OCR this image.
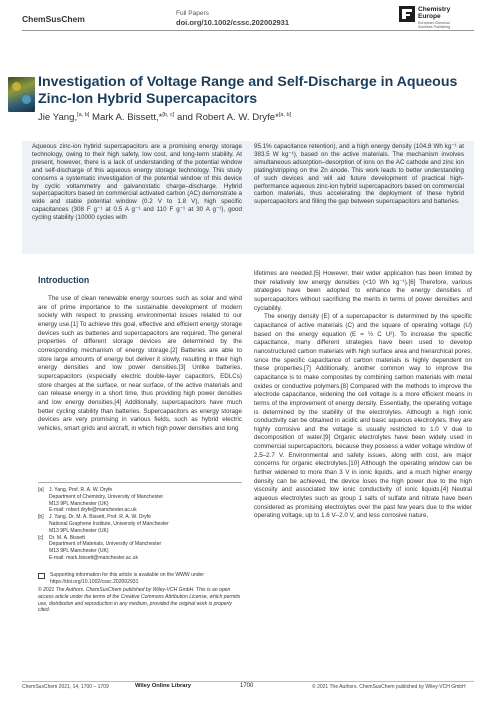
ChemSusChem
Full Papers
doi.org/10.1002/cssc.202002931
Chemistry
Europe
European Chemical
Societies Publishing
Investigation of Voltage Range and Self-Discharge in Aqueous Zinc-Ion Hybrid Supercapacitors
Jie Yang,[a, b] Mark A. Bissett,*[b, c] and Robert A. W. Dryfe*[a, b]

Aqueous zinc-ion hybrid supercapacitors are a promising energy storage technology, owing to their high safety, low cost, and long-term stability. At present, however, there is a lack of understanding of the potential window and self-discharge of this aqueous energy storage technology. This study concerns a systematic investigation of the potential window of this device by cyclic voltammetry and galvanostatic charge–discharge. Hybrid supercapacitors based on commercial activated carbon (AC) demonstrate a wide and stable potential window (0.2 V to 1.8 V), high specific capacitances (308 F g⁻¹ at 0.5 A g⁻¹ and 110 F g⁻¹ at 30 A g⁻¹), good cycling stability (10000 cycles with

95.1% capacitance retention), and a high energy density (104.8 Wh kg⁻¹ at 383.5 W kg⁻¹), based on the active materials. The mechanism involves simultaneous adsorption–desorption of ions on the AC cathode and zinc ion plating/stripping on the Zn anode. This work leads to better understanding of such devices and will aid future development of practical high-performance aqueous zinc-ion hybrid supercapacitors based on commercial carbon materials, thus accelerating the deployment of these hybrid supercapacitors and filling the gap between supercapacitors and batteries.

Introduction

The use of clean renewable energy sources such as solar and wind are of prime importance to the sustainable development of modern society with respect to pressing environmental issues related to our energy use.[1] To achieve this goal, effective and efficient energy storage devices such as batteries and supercapacitors are required. The general properties of different storage devices are determined by the corresponding mechanism of energy storage.[2] Batteries are able to store large amounts of energy but deliver it slowly, resulting in their high energy densities and low power densities.[3] Unlike batteries, supercapacitors (especially electric double-layer capacitors, EDLCs) store charges at the surface, or near surface, of the active materials and can release energy in a short time, thus providing high power densities and low energy densities.[4] Additionally, supercapacitors have much better cycling stability than batteries. Supercapacitors as energy storage devices are very promising in various fields, such as hybrid electric vehicles, smart grids and aircraft, in which high power densities and long

lifetimes are needed.[5] However, their wider application has been limited by their relatively low energy densities (<10 Wh kg⁻¹).[6] Therefore, various strategies have been adopted to enhance the energy densities of supercapacitors without sacrificing the merits in terms of power densities and cyclability.

The energy density (E) of a supercapacitor is determined by the specific capacitance of active materials (C) and the square of operating voltage (U) based on the energy equation (E = ½ C U²). To increase the specific capacitance, many different strategies have been used to develop nanostructured carbon materials with high surface area and hierarchical pores, since the specific capacitance of carbon materials is highly dependent on these properties.[7] Additionally, another common way to improve the capacitance is to make composites by combining carbon materials with metal oxides or conductive polymers.[8] Compared with the methods to improve the electrode capacitance, widening the cell voltage is a more efficient means in terms of the improvement of energy density. Essentially, the operating voltage is determined by the stability of the electrolytes. Although a high ionic conductivity can be obtained in acidic and basic aqueous electrolytes, they are highly corrosive and the voltage is usually restricted to 1.0 V due to decomposition of water.[9] Organic electrolytes have been widely used in commercial supercapacitors, because they possess a wider voltage window of 2.5–2.7 V. Environmental and safety issues, along with cost, are major concerns for organic electrolytes.[10] Although the operating window can be further widened to more than 3 V in ionic liquids, and a much higher energy density can be achieved, the device loses the high power due to the high viscosity and associated low ionic conductivity of ionic liquids.[4] Neutral aqueous electrolytes such as group 1 salts of sulfate and nitrate have been considered as promising electrolytes over the past few years due to the wider operating voltage, up to 1.6 V–2.0 V, and less corrosive nature,

[a]	J. Yang, Prof. R. A. W. Dryfe
Department of Chemistry, University of Manchester
M13 9PL Manchester (UK)
E-mail: robert.dryfe@manchester.ac.uk
[b]	J. Yang, Dr. M. A. Bissett, Prof. R. A. W. Dryfe
National Graphene Institute, University of Manchester
M13 9PL Manchester (UK)
[c]	Dr. M. A. Bissett
Department of Materials, University of Manchester
M13 9PL Manchester (UK)
E-mail: mark.bissett@manchester.ac.uk
Supporting information for this article is available on the WWW under https://doi.org/10.1002/cssc.202002931
© 2021 The Authors. ChemSusChem published by Wiley-VCH GmbH. This is an open access article under the terms of the Creative Commons Attribution License, which permits use, distribution and reproduction in any medium, provided the original work is properly cited.
ChemSusChem 2021, 14, 1700 – 1709	Wiley Online Library	1700	© 2021 The Authors. ChemSusChem published by Wiley-VCH GmbH
